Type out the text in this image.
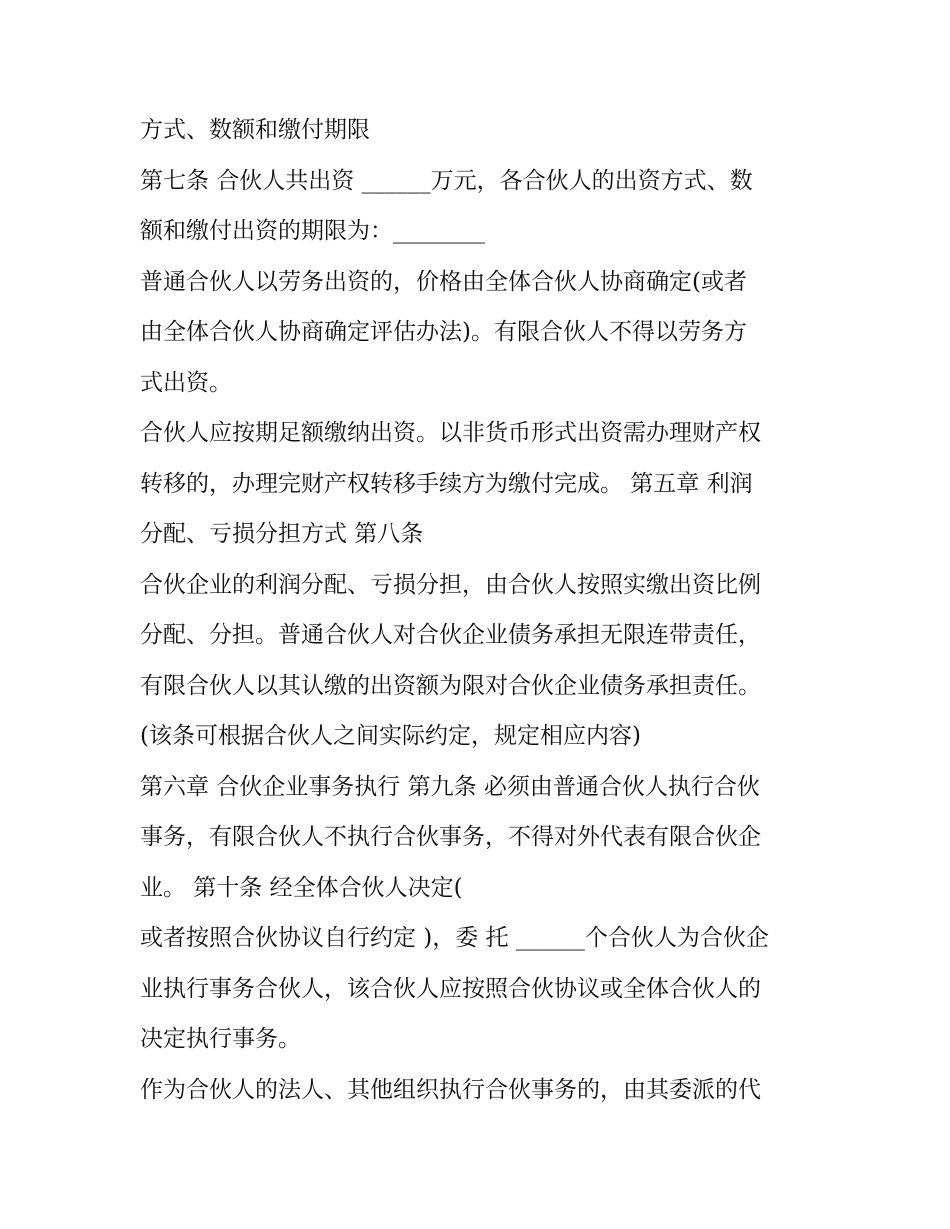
方式、数额和缴付期限
第七条 合伙人共出资 ______万元，各合伙人的出资方式、数
额和缴付出资的期限为：________
普通合伙人以劳务出资的，价格由全体合伙人协商确定(或者
由全体合伙人协商确定评估办法)。有限合伙人不得以劳务方
式出资。
合伙人应按期足额缴纳出资。以非货币形式出资需办理财产权
转移的，办理完财产权转移手续方为缴付完成。 第五章 利润
分配、亏损分担方式 第八条
合伙企业的利润分配、亏损分担，由合伙人按照实缴出资比例
分配、分担。普通合伙人对合伙企业债务承担无限连带责任，
有限合伙人以其认缴的出资额为限对合伙企业债务承担责任。
(该条可根据合伙人之间实际约定，规定相应内容)
第六章 合伙企业事务执行 第九条 必须由普通合伙人执行合伙
事务，有限合伙人不执行合伙事务，不得对外代表有限合伙企
业。 第十条 经全体合伙人决定(
或者按照合伙协议自行约定 )，委 托 ______个合伙人为合伙企
业执行事务合伙人，该合伙人应按照合伙协议或全体合伙人的
决定执行事务。
作为合伙人的法人、其他组织执行合伙事务的，由其委派的代
